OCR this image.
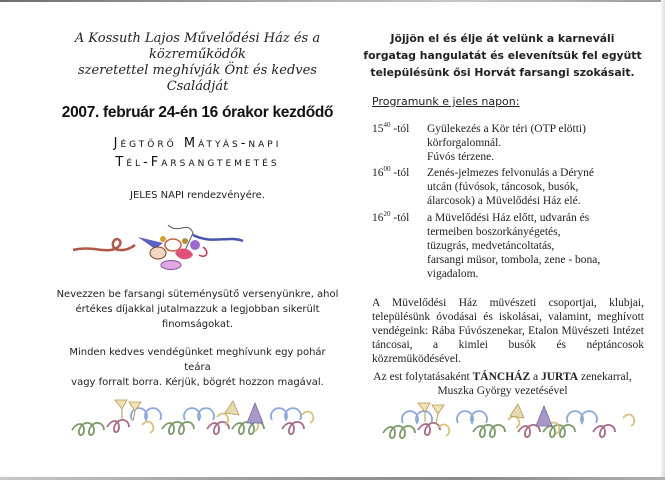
A Kossuth Lajos Művelődési Ház és a
közreműködők
szeretettel meghívják Önt és kedves
Családját
2007. február 24-én 16 órakor kezdődő
Jégtörő Mátyás-napi
Tél-Farsangtemetés
JELES NAPI rendezvényére.
Nevezzen be farsangi süteménysütő versenyünkre, ahol
értékes díjakkal jutalmazzuk a legjobban sikerült
finomságokat.
Minden kedves vendégünket meghívunk egy pohár teára
vagy forralt borra. Kérjük, bögrét hozzon magával.
Jöjjön el és élje át velünk a karneváli
forgatag hangulatát és elevenítsük fel együtt
településünk ősi Horvát farsangi szokásait.
Programunk e jeles napon:
$15^{40}$ -tól Gyülekezés a Kör téri (OTP elötti)
körforgalomnál.
Fúvós térzene.
$16^{00}$ -tól Zenés-jelmezes felvonulás a Déryné
utcán (fúvósok, táncosok, busók,
álarcosok) a Müvelődési Ház elé.
$16^{20}$ -tól a Müvelődési Ház előtt, udvarán és
termeiben boszorkányégetés,
tüzugrás, medvetáncoltatás,
farsangi müsor, tombola, zene - bona,
vigadalom.
A Müvelődési Ház müvészeti csoportjai, klubjai,
településünk óvodásai és iskolásai, valamint, meghívott
vendégeink: Rába Fúvószenekar, Etalon Müvészeti Intézet
táncosai, a kimlei busók és néptáncosok
közremüködésével.
Az est folytatásaként TÁNCHÁZ a JURTA zenekarral,
Muszka György vezetésével
